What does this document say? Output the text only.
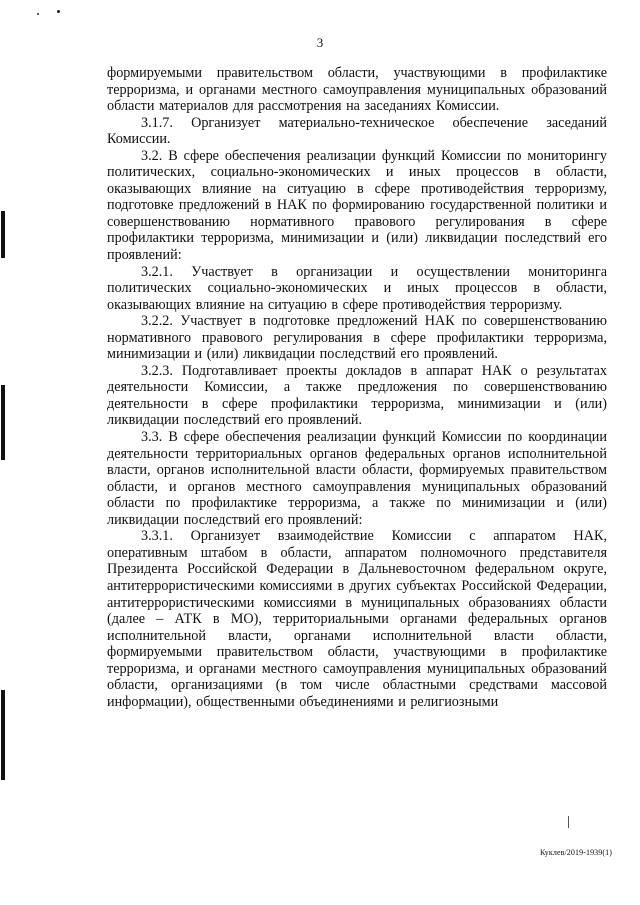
3

формируемыми правительством области, участвующими в профилактике терроризма, и органами местного самоуправления муниципальных образований области материалов для рассмотрения на заседаниях Комиссии.

3.1.7. Организует материально-техническое обеспечение заседаний Комиссии.

3.2. В сфере обеспечения реализации функций Комиссии по мониторингу политических, социально-экономических и иных процессов в области, оказывающих влияние на ситуацию в сфере противодействия терроризму, подготовке предложений в НАК по формированию государственной политики и совершенствованию нормативного правового регулирования в сфере профилактики терроризма, минимизации и (или) ликвидации последствий его проявлений:

3.2.1. Участвует в организации и осуществлении мониторинга политических социально-экономических и иных процессов в области, оказывающих влияние на ситуацию в сфере противодействия терроризму.

3.2.2. Участвует в подготовке предложений НАК по совершенствованию нормативного правового регулирования в сфере профилактики терроризма, минимизации и (или) ликвидации последствий его проявлений.

3.2.3. Подготавливает проекты докладов в аппарат НАК о результатах деятельности Комиссии, а также предложения по совершенствованию деятельности в сфере профилактики терроризма, минимизации и (или) ликвидации последствий его проявлений.

3.3. В сфере обеспечения реализации функций Комиссии по координации деятельности территориальных органов федеральных органов исполнительной власти, органов исполнительной власти области, формируемых правительством области, и органов местного самоуправления муниципальных образований области по профилактике терроризма, а также по минимизации и (или) ликвидации последствий его проявлений:

3.3.1. Организует взаимодействие Комиссии с аппаратом НАК, оперативным штабом в области, аппаратом полномочного представителя Президента Российской Федерации в Дальневосточном федеральном округе, антитеррористическими комиссиями в других субъектах Российской Федерации, антитеррористическими комиссиями в муниципальных образованиях области (далее – АТК в МО), территориальными органами федеральных органов исполнительной власти, органами исполнительной власти области, формируемыми правительством области, участвующими в профилактике терроризма, и органами местного самоуправления муниципальных образований области, организациями (в том числе областными средствами массовой информации), общественными объединениями и религиозными

Куклев/2019-1939(1)
